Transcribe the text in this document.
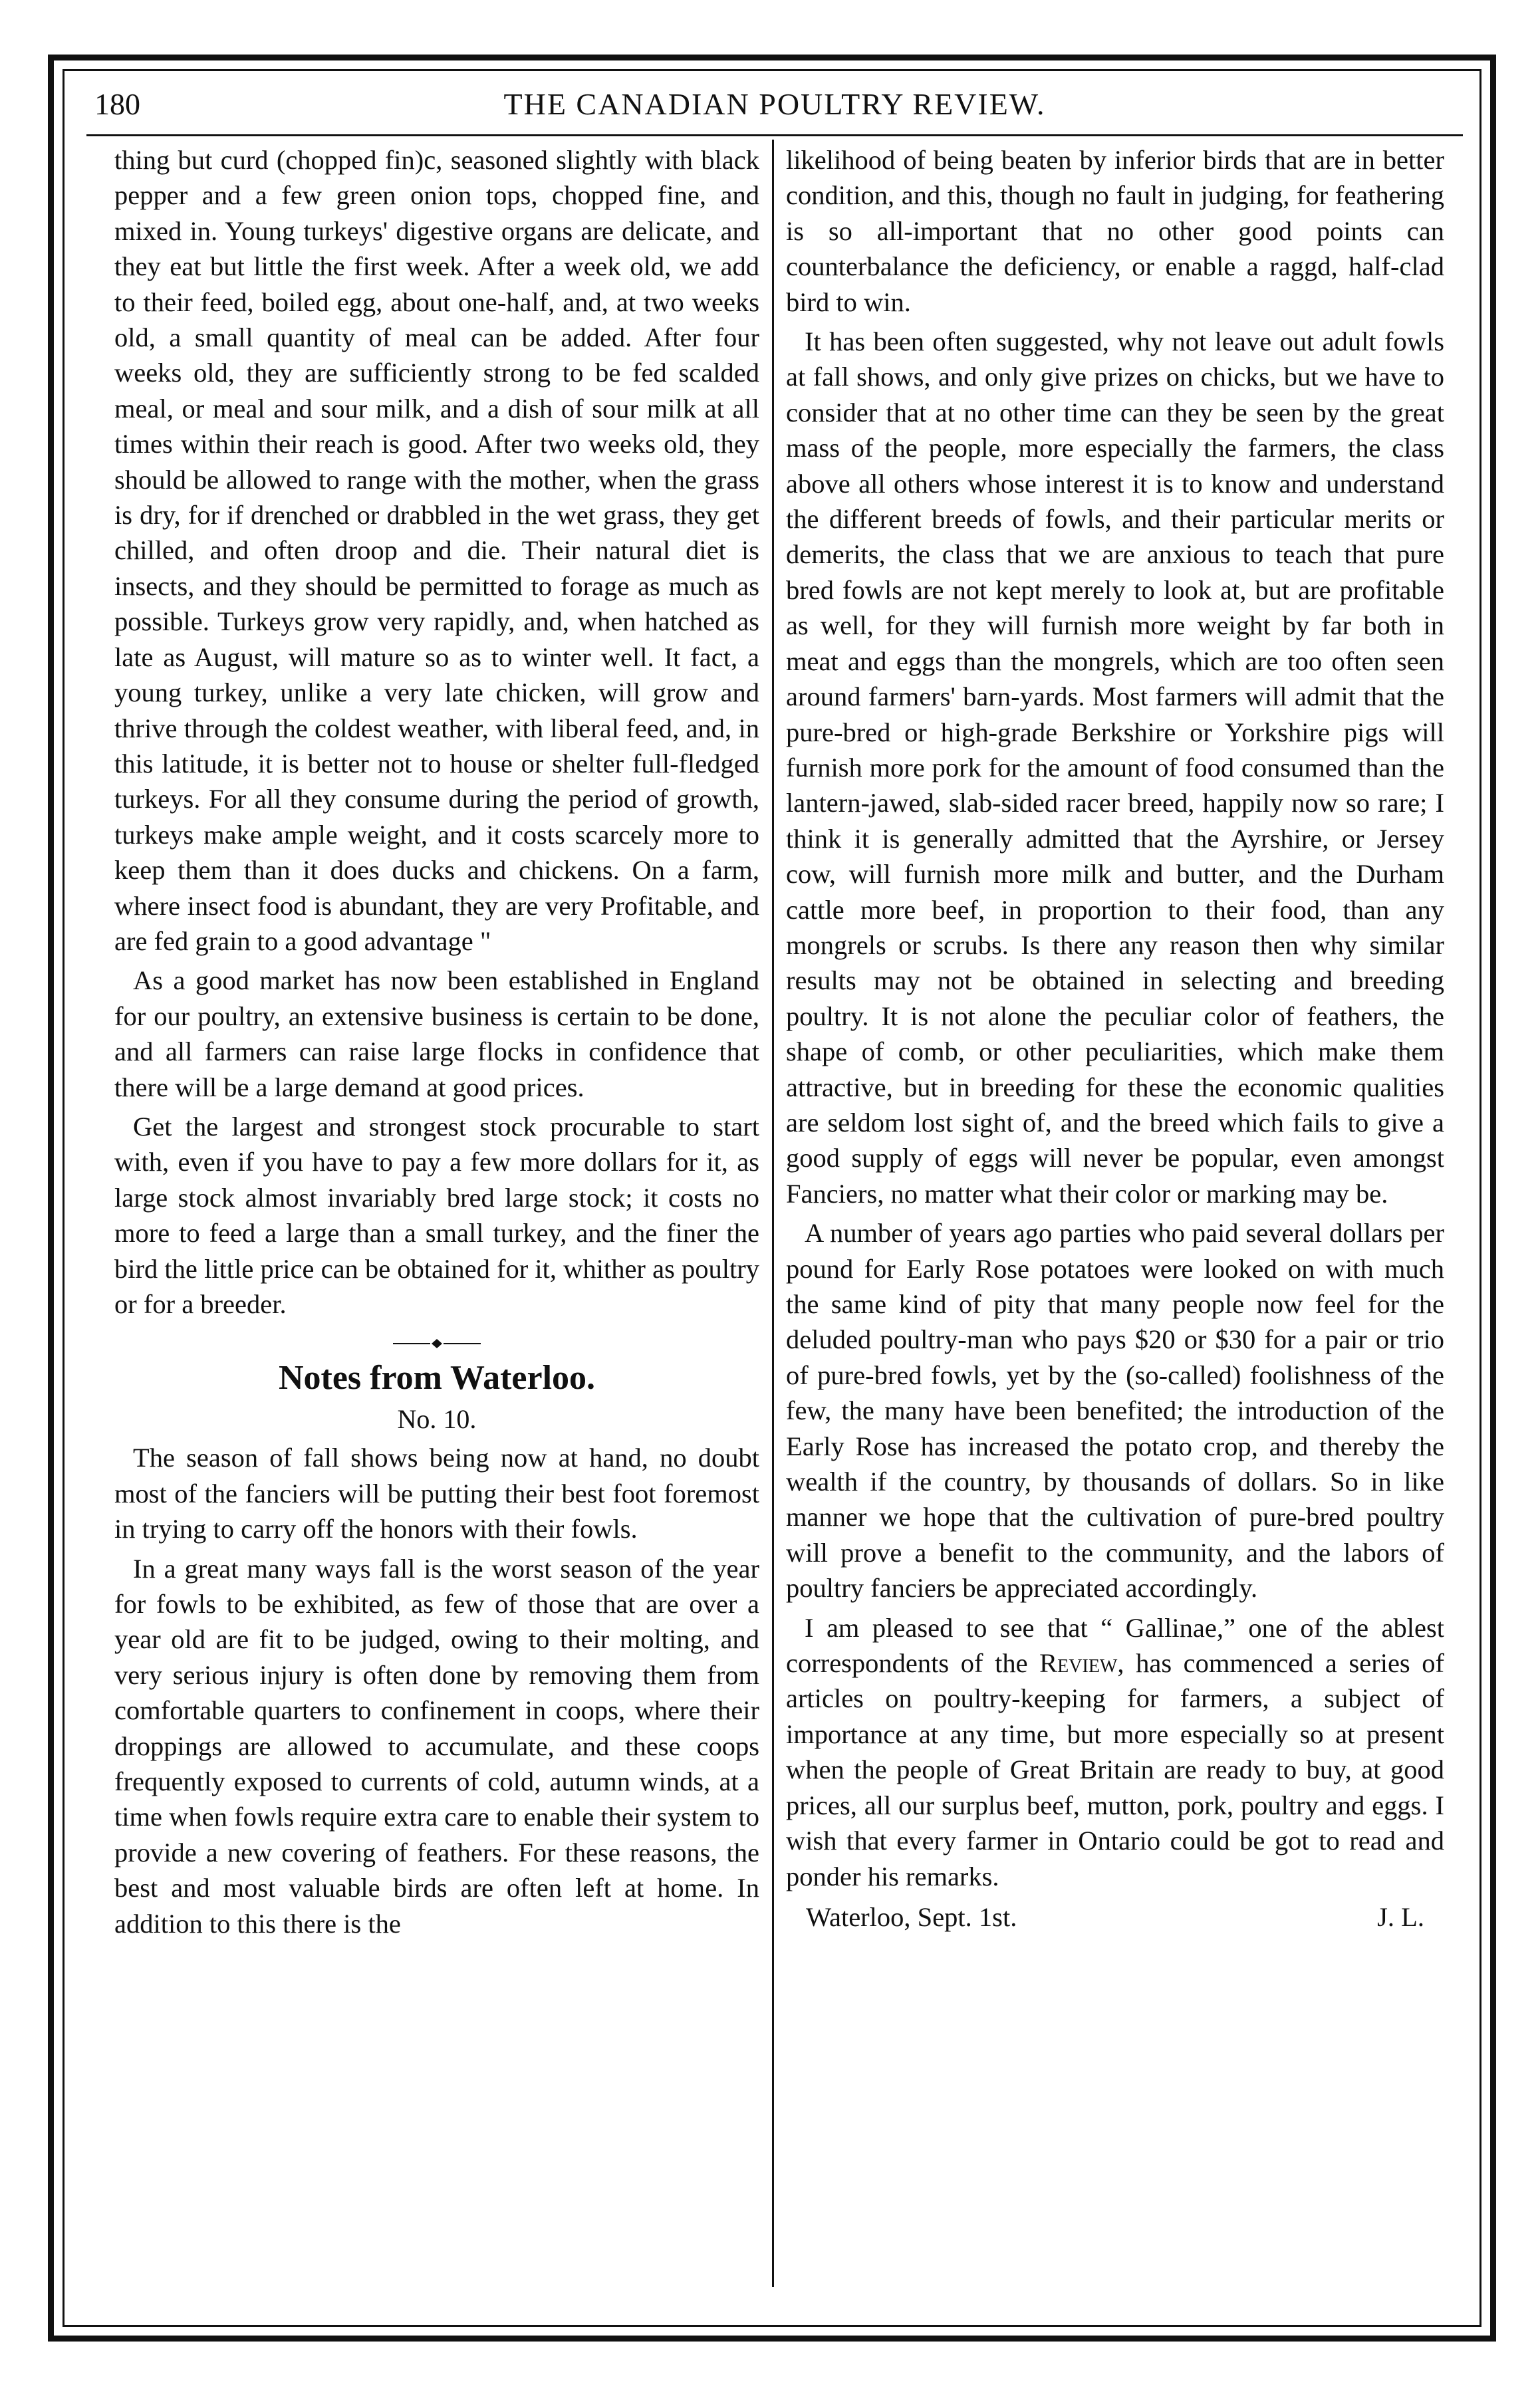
180	THE CANADIAN POULTRY REVIEW.

thing but curd (chopped fin)c, seasoned slightly with black pepper and a few green onion tops, chopped fine, and mixed in. Young turkeys' digestive organs are delicate, and they eat but little the first week. After a week old, we add to their feed, boiled egg, about one-half, and, at two weeks old, a small quantity of meal can be added. After four weeks old, they are sufficiently strong to be fed scalded meal, or meal and sour milk, and a dish of sour milk at all times within their reach is good. After two weeks old, they should be allowed to range with the mother, when the grass is dry, for if drenched or drabbled in the wet grass, they get chilled, and often droop and die. Their natural diet is insects, and they should be permitted to forage as much as possible. Turkeys grow very rapidly, and, when hatched as late as August, will mature so as to winter well. It fact, a young turkey, unlike a very late chicken, will grow and thrive through the coldest weather, with liberal feed, and, in this latitude, it is better not to house or shelter full-fledged turkeys. For all they consume during the period of growth, turkeys make ample weight, and it costs scarcely more to keep them than it does ducks and chickens. On a farm, where insect food is abundant, they are very Profitable, and are fed grain to a good advantage "

As a good market has now been established in England for our poultry, an extensive business is certain to be done, and all farmers can raise large flocks in confidence that there will be a large demand at good prices.

Get the largest and strongest stock procurable to start with, even if you have to pay a few more dollars for it, as large stock almost invariably bred large stock; it costs no more to feed a large than a small turkey, and the finer the bird the little price can be obtained for it, whither as poultry or for a breeder.

Notes from Waterloo.
No. 10.

The season of fall shows being now at hand, no doubt most of the fanciers will be putting their best foot foremost in trying to carry off the honors with their fowls.

In a great many ways fall is the worst season of the year for fowls to be exhibited, as few of those that are over a year old are fit to be judged, owing to their molting, and very serious injury is often done by removing them from comfortable quarters to confinement in coops, where their droppings are allowed to accumulate, and these coops frequently exposed to currents of cold, autumn winds, at a time when fowls require extra care to enable their system to provide a new covering of feathers. For these reasons, the best and most valuable birds are often left at home. In addition to this there is the

likelihood of being beaten by inferior birds that are in better condition, and this, though no fault in judging, for feathering is so all-important that no other good points can counterbalance the deficiency, or enable a raggd, half-clad bird to win.

It has been often suggested, why not leave out adult fowls at fall shows, and only give prizes on chicks, but we have to consider that at no other time can they be seen by the great mass of the people, more especially the farmers, the class above all others whose interest it is to know and understand the different breeds of fowls, and their particular merits or demerits, the class that we are anxious to teach that pure bred fowls are not kept merely to look at, but are profitable as well, for they will furnish more weight by far both in meat and eggs than the mongrels, which are too often seen around farmers' barn-yards. Most farmers will admit that the pure-bred or high-grade Berkshire or Yorkshire pigs will furnish more pork for the amount of food consumed than the lantern-jawed, slab-sided racer breed, happily now so rare; I think it is generally admitted that the Ayrshire, or Jersey cow, will furnish more milk and butter, and the Durham cattle more beef, in proportion to their food, than any mongrels or scrubs. Is there any reason then why similar results may not be obtained in selecting and breeding poultry. It is not alone the peculiar color of feathers, the shape of comb, or other peculiarities, which make them attractive, but in breeding for these the economic qualities are seldom lost sight of, and the breed which fails to give a good supply of eggs will never be popular, even amongst Fanciers, no matter what their color or marking may be.

A number of years ago parties who paid several dollars per pound for Early Rose potatoes were looked on with much the same kind of pity that many people now feel for the deluded poultry-man who pays $20 or $30 for a pair or trio of pure-bred fowls, yet by the (so-called) foolishness of the few, the many have been benefited; the introduction of the Early Rose has increased the potato crop, and thereby the wealth if the country, by thousands of dollars. So in like manner we hope that the cultivation of pure-bred poultry will prove a benefit to the community, and the labors of poultry fanciers be appreciated accordingly.

I am pleased to see that “ Gallinae,” one of the ablest correspondents of the Review, has commenced a series of articles on poultry-keeping for farmers, a subject of importance at any time, but more especially so at present when the people of Great Britain are ready to buy, at good prices, all our surplus beef, mutton, pork, poultry and eggs. I wish that every farmer in Ontario could be got to read and ponder his remarks.

Waterloo, Sept. 1st.	J. L.
